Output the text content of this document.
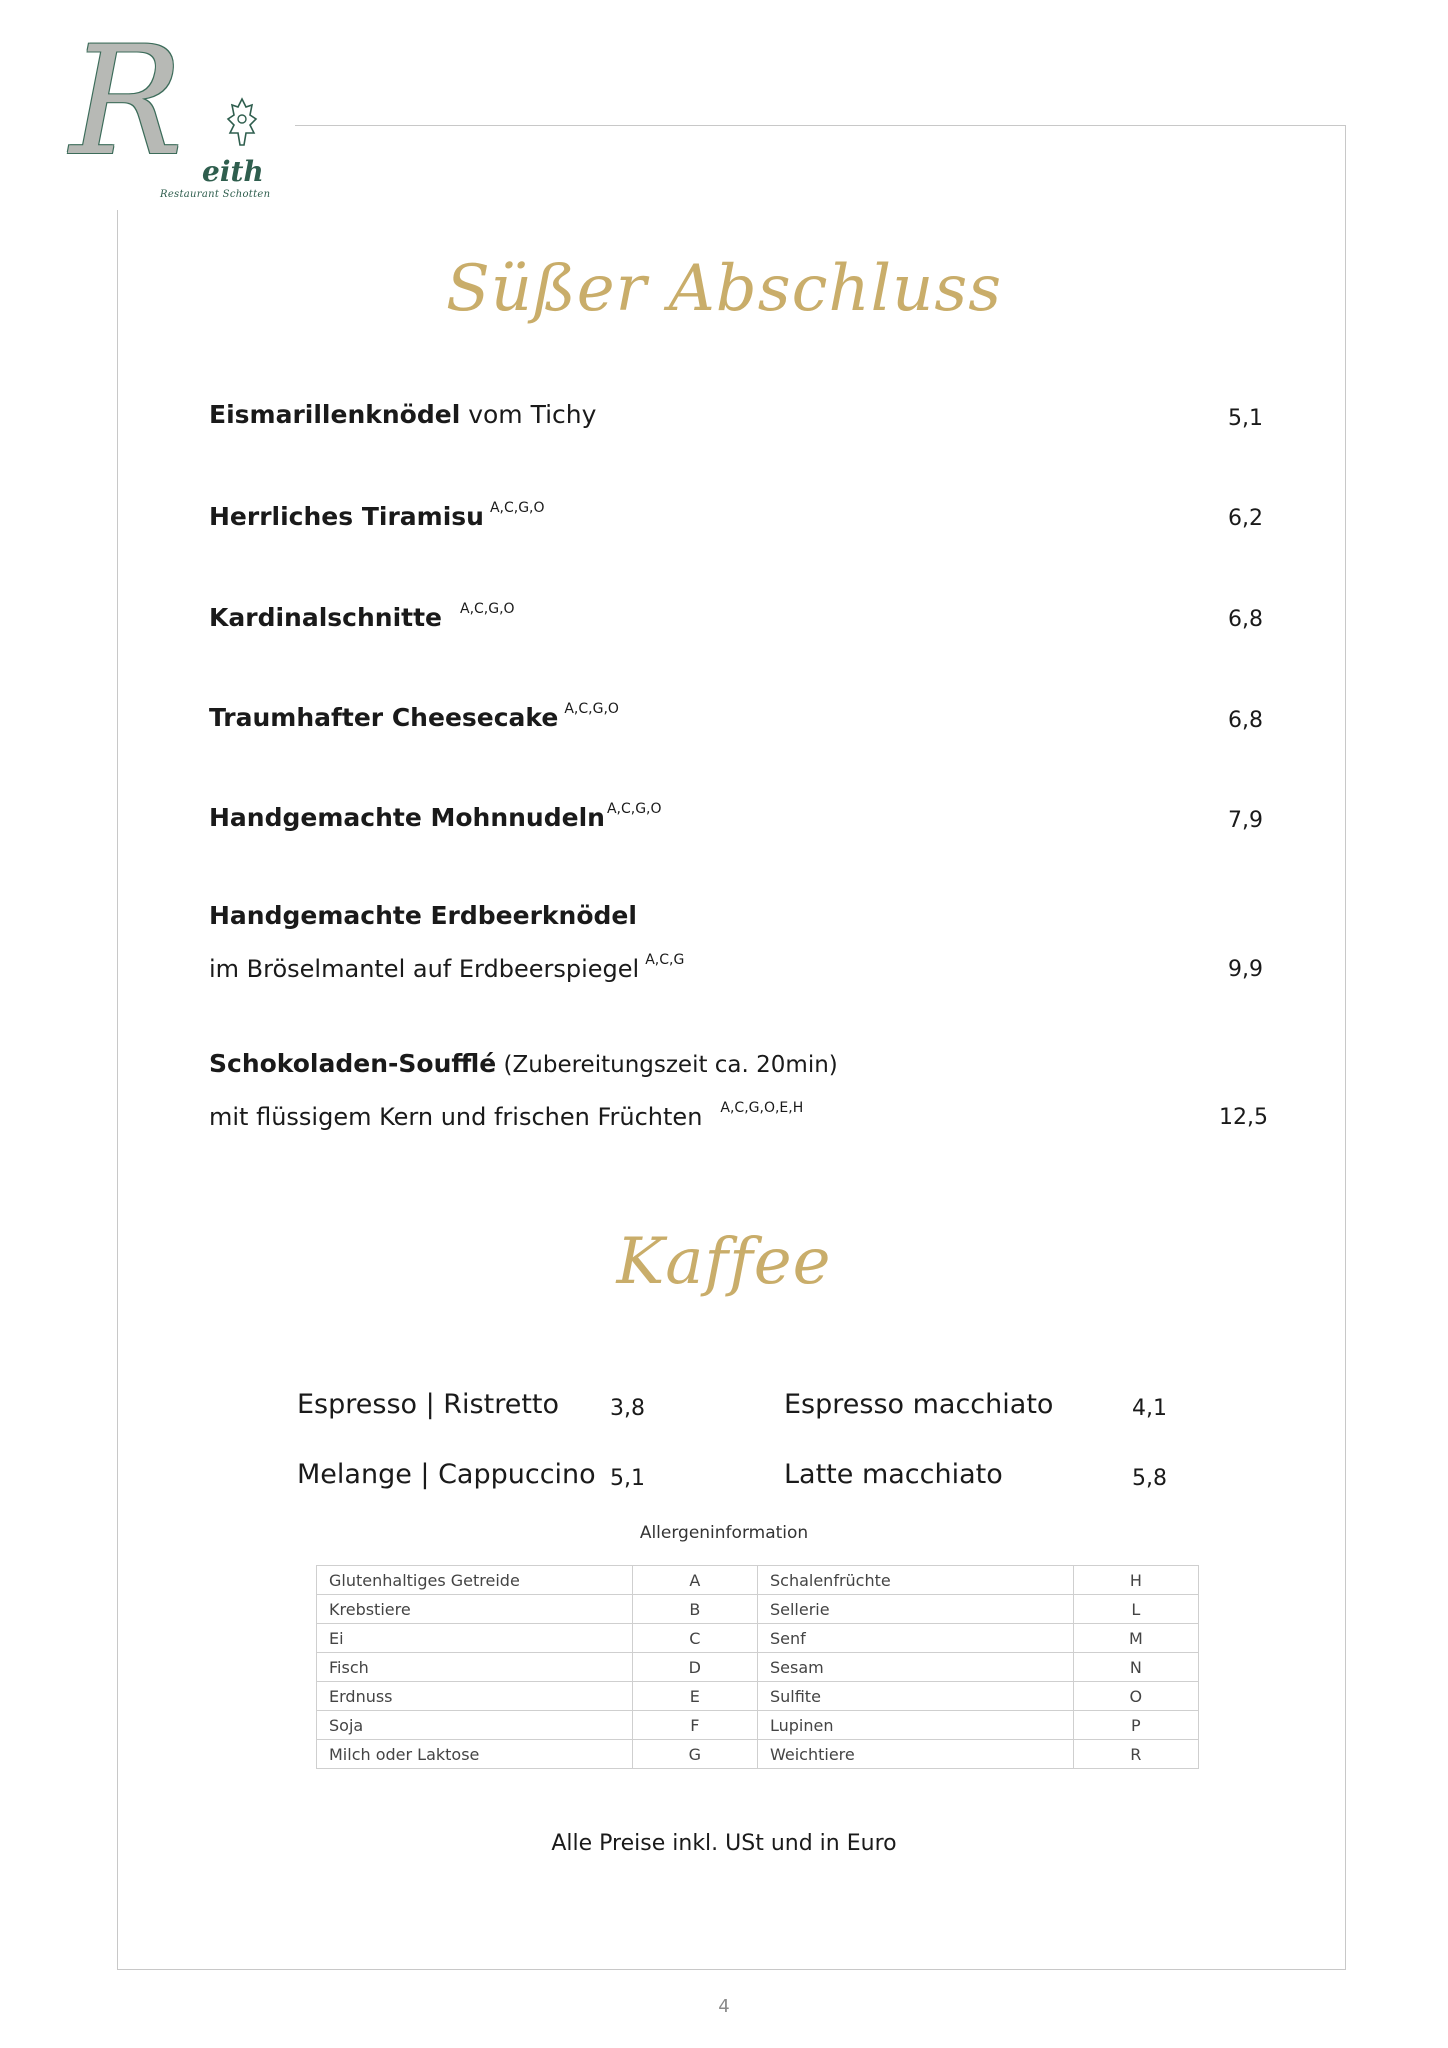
R eith
Restaurant Schotten
Süßer Abschluss
Eismarillenknödel vom Tichy	5,1
Herrliches Tiramisu $^{A,C,G,O}$	6,2
Kardinalschnitte $^{A,C,G,O}$	6,8
Traumhafter Cheesecake $^{A,C,G,O}$	6,8
Handgemachte Mohnnudeln $^{A,C,G,O}$	7,9
Handgemachte Erdbeerknödel
im Bröselmantel auf Erdbeerspiegel $^{A,C,G}$	9,9
Schokoladen-Soufflé (Zubereitungszeit ca. 20min)
mit flüssigem Kern und frischen Früchten $^{A,C,G,O,E,H}$	12,5
Kaffee
Espresso | Ristretto 3,8	Espresso macchiato	4,1
Melange | Cappuccino 5,1	Latte macchiato	5,8
Allergeninformation
Glutenhaltiges Getreide	A	Schalenfrüchte	H
Krebstiere	B	Sellerie	L
Ei	C	Senf	M
Fisch	D	Sesam	N
Erdnuss	E	Sulfite	O
Soja	F	Lupinen	P
Milch oder Laktose	G	Weichtiere	R
Alle Preise inkl. USt und in Euro
4
